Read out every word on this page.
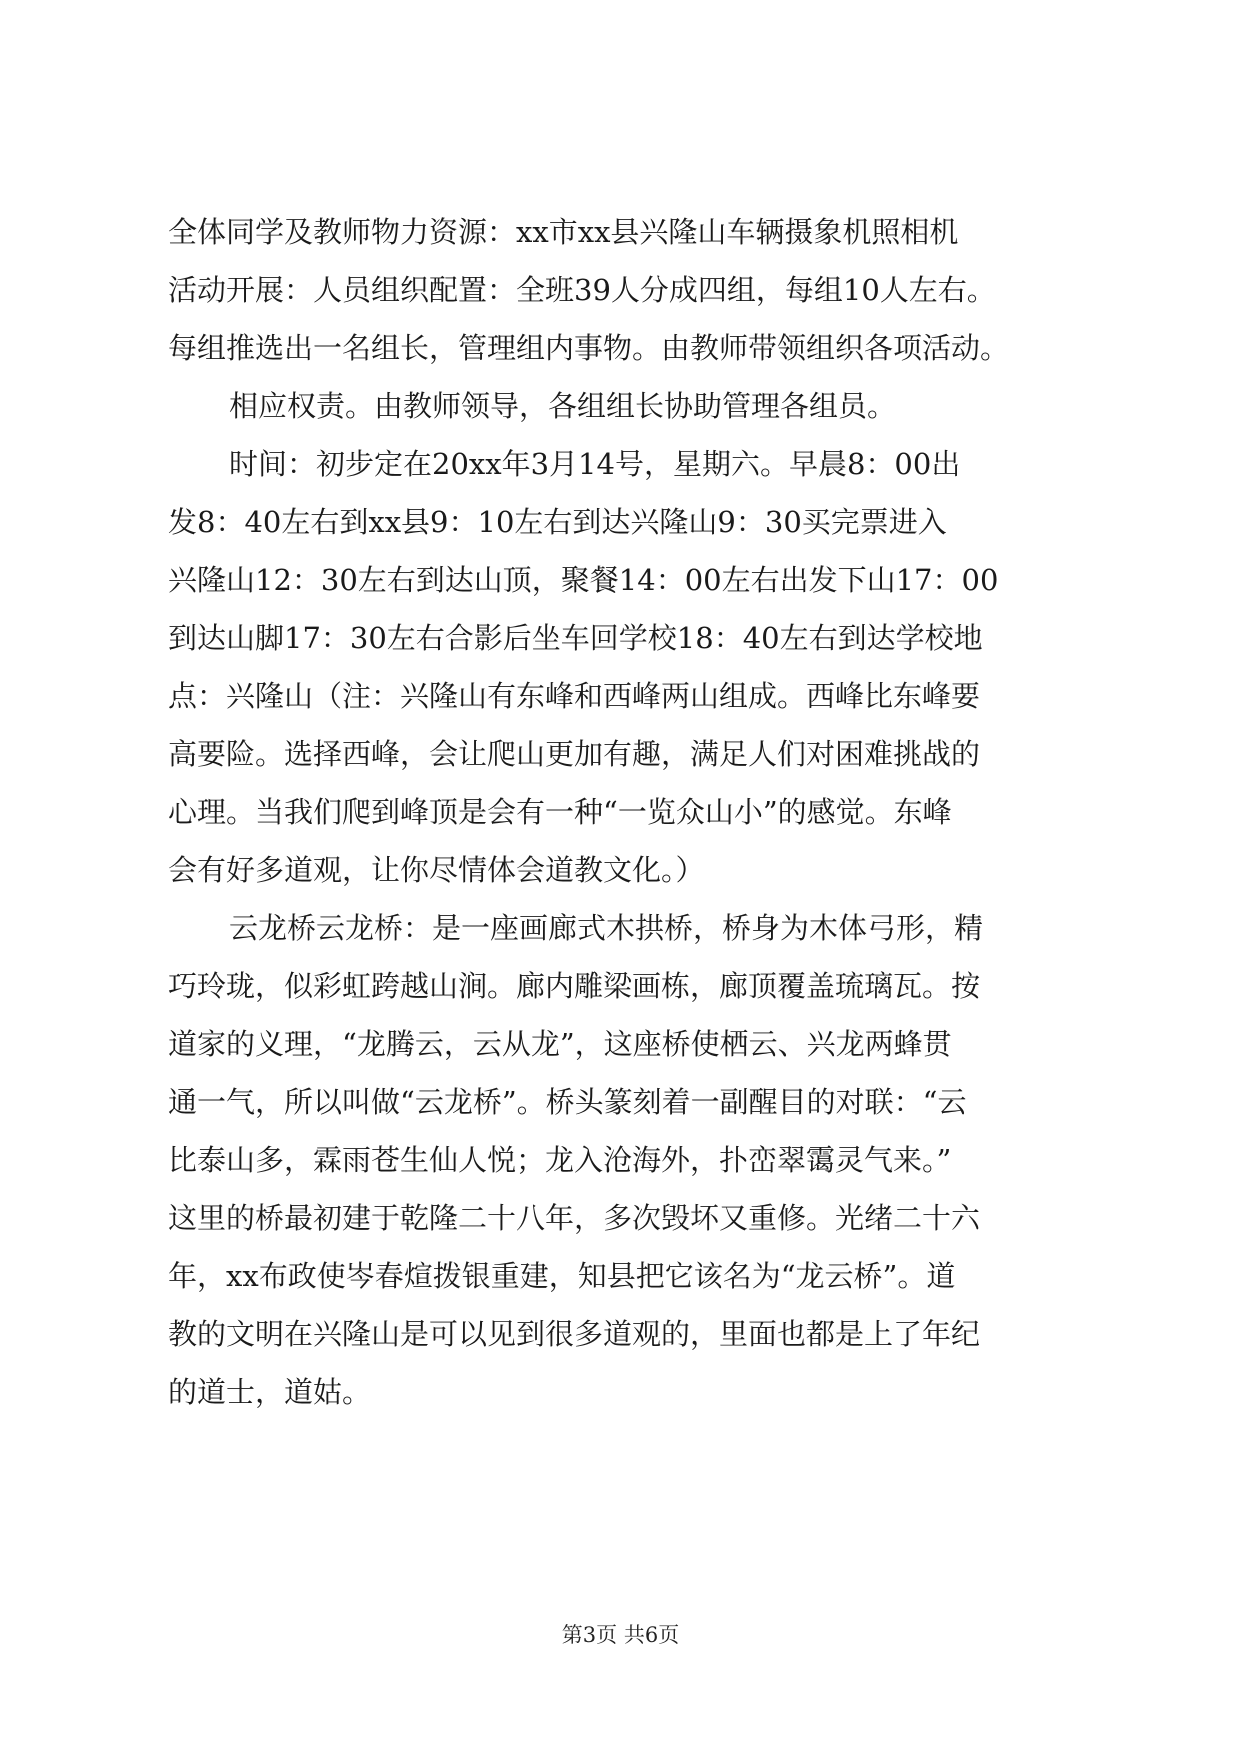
全体同学及教师物力资源：xx市xx县兴隆山车辆摄象机照相机
活动开展：人员组织配置：全班39人分成四组，每组10人左右。
每组推选出一名组长，管理组内事物。由教师带领组织各项活动。
相应权责。由教师领导，各组组长协助管理各组员。
时间：初步定在20xx年3月14号，星期六。早晨8：00出
发8：40左右到xx县9：10左右到达兴隆山9：30买完票进入
兴隆山12：30左右到达山顶，聚餐14：00左右出发下山17：00
到达山脚17：30左右合影后坐车回学校18：40左右到达学校地
点：兴隆山（注：兴隆山有东峰和西峰两山组成。西峰比东峰要
高要险。选择西峰，会让爬山更加有趣，满足人们对困难挑战的
心理。当我们爬到峰顶是会有一种“一览众山小”的感觉。东峰
会有好多道观，让你尽情体会道教文化。）
云龙桥云龙桥：是一座画廊式木拱桥，桥身为木体弓形，精
巧玲珑，似彩虹跨越山涧。廊内雕梁画栋，廊顶覆盖琉璃瓦。按
道家的义理，“龙腾云，云从龙”，这座桥使栖云、兴龙两蜂贯
通一气，所以叫做“云龙桥”。桥头篆刻着一副醒目的对联：“云
比泰山多，霖雨苍生仙人悦；龙入沧海外，扑峦翠霭灵气来。”
这里的桥最初建于乾隆二十八年，多次毁坏又重修。光绪二十六
年，xx布政使岑春煊拨银重建，知县把它该名为“龙云桥”。道
教的文明在兴隆山是可以见到很多道观的，里面也都是上了年纪
的道士，道姑。
第3页 共6页
